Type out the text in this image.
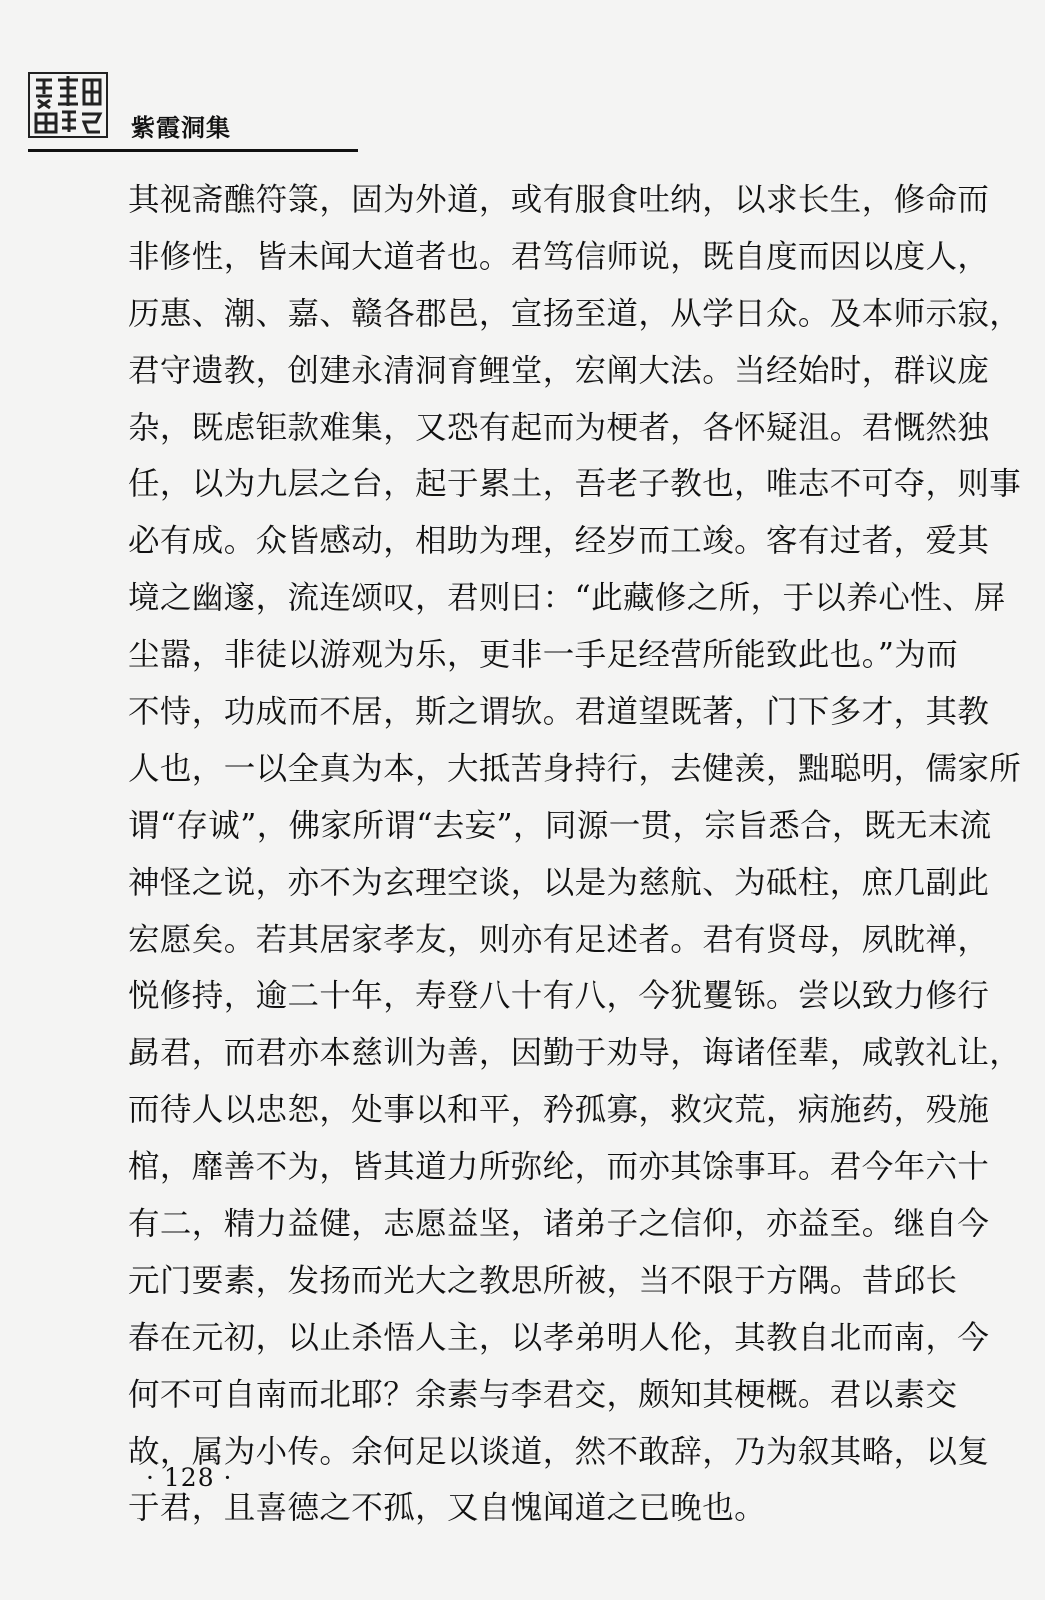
紫霞洞集
其视斋醮符箓，固为外道，或有服食吐纳，以求长生，修命而
非修性，皆未闻大道者也。君笃信师说，既自度而因以度人，
历惠、潮、嘉、赣各郡邑，宣扬至道，从学日众。及本师示寂，
君守遗教，创建永清洞育鲤堂，宏阐大法。当经始时，群议庞
杂，既虑钜款难集，又恐有起而为梗者，各怀疑沮。君慨然独
任，以为九层之台，起于累土，吾老子教也，唯志不可夺，则事
必有成。众皆感动，相助为理，经岁而工竣。客有过者，爱其
境之幽邃，流连颂叹，君则曰：“此藏修之所，于以养心性、屏
尘嚣，非徒以游观为乐，更非一手足经营所能致此也。”为而
不恃，功成而不居，斯之谓欤。君道望既著，门下多才，其教
人也，一以全真为本，大抵苦身持行，去健羡，黜聪明，儒家所
谓“存诚”，佛家所谓“去妄”，同源一贯，宗旨悉合，既无末流
神怪之说，亦不为玄理空谈，以是为慈航、为砥柱，庶几副此
宏愿矣。若其居家孝友，则亦有足述者。君有贤母，夙眈禅，
悦修持，逾二十年，寿登八十有八，今犹矍铄。尝以致力修行
勗君，而君亦本慈训为善，因勤于劝导，诲诸侄辈，咸敦礼让，
而待人以忠恕，处事以和平，矜孤寡，救灾荒，病施药，殁施
棺，靡善不为，皆其道力所弥纶，而亦其馀事耳。君今年六十
有二，精力益健，志愿益坚，诸弟子之信仰，亦益至。继自今
元门要素，发扬而光大之教思所被，当不限于方隅。昔邱长
春在元初，以止杀悟人主，以孝弟明人伦，其教自北而南，今
何不可自南而北耶？余素与李君交，颇知其梗概。君以素交
故，属为小传。余何足以谈道，然不敢辞，乃为叙其略，以复
于君，且喜德之不孤，又自愧闻道之已晚也。
· 128 ·
